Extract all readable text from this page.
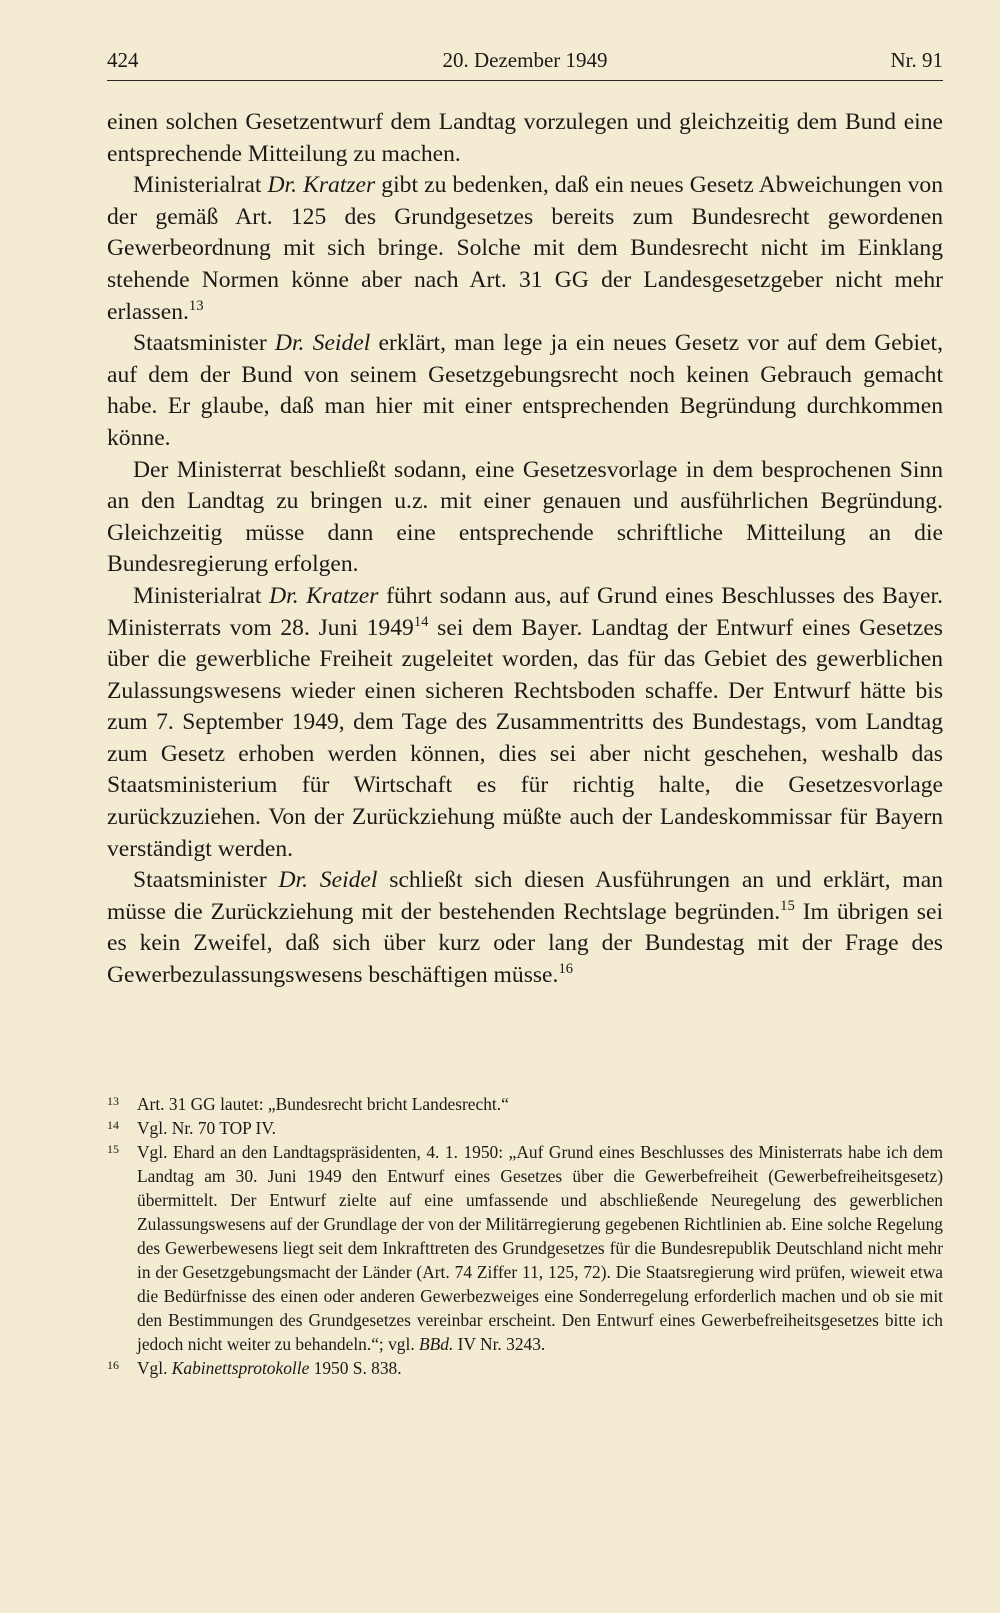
424	20. Dezember 1949	Nr. 91

einen solchen Gesetzentwurf dem Landtag vorzulegen und gleichzeitig dem Bund eine entsprechende Mitteilung zu machen.

Ministerialrat Dr. Kratzer gibt zu bedenken, daß ein neues Gesetz Abweichungen von der gemäß Art. 125 des Grundgesetzes bereits zum Bundesrecht gewordenen Gewerbeordnung mit sich bringe. Solche mit dem Bundesrecht nicht im Einklang stehende Normen könne aber nach Art. 31 GG der Landesgesetzgeber nicht mehr erlassen.$^{13}$

Staatsminister Dr. Seidel erklärt, man lege ja ein neues Gesetz vor auf dem Gebiet, auf dem der Bund von seinem Gesetzgebungsrecht noch keinen Gebrauch gemacht habe. Er glaube, daß man hier mit einer entsprechenden Begründung durchkommen könne.

Der Ministerrat beschließt sodann, eine Gesetzesvorlage in dem besprochenen Sinn an den Landtag zu bringen u.z. mit einer genauen und ausführlichen Begründung. Gleichzeitig müsse dann eine entsprechende schriftliche Mitteilung an die Bundesregierung erfolgen.

Ministerialrat Dr. Kratzer führt sodann aus, auf Grund eines Beschlusses des Bayer. Ministerrats vom 28. Juni 1949$^{14}$ sei dem Bayer. Landtag der Entwurf eines Gesetzes über die gewerbliche Freiheit zugeleitet worden, das für das Gebiet des gewerblichen Zulassungswesens wieder einen sicheren Rechtsboden schaffe. Der Entwurf hätte bis zum 7. September 1949, dem Tage des Zusammentritts des Bundestags, vom Landtag zum Gesetz erhoben werden können, dies sei aber nicht geschehen, weshalb das Staatsministerium für Wirtschaft es für richtig halte, die Gesetzesvorlage zurückzuziehen. Von der Zurückziehung müßte auch der Landeskommissar für Bayern verständigt werden.

Staatsminister Dr. Seidel schließt sich diesen Ausführungen an und erklärt, man müsse die Zurückziehung mit der bestehenden Rechtslage begründen.$^{15}$ Im übrigen sei es kein Zweifel, daß sich über kurz oder lang der Bundestag mit der Frage des Gewerbezulassungswesens beschäftigen müsse.$^{16}$

13 Art. 31 GG lautet: „Bundesrecht bricht Landesrecht.“

14 Vgl. Nr. 70 TOP IV.

15 Vgl. Ehard an den Landtagspräsidenten, 4. 1. 1950: „Auf Grund eines Beschlusses des Ministerrats habe ich dem Landtag am 30. Juni 1949 den Entwurf eines Gesetzes über die Gewerbefreiheit (Gewerbefreiheitsgesetz) übermittelt. Der Entwurf zielte auf eine umfassende und abschließende Neuregelung des gewerblichen Zulassungswesens auf der Grundlage der von der Militärregierung gegebenen Richtlinien ab. Eine solche Regelung des Gewerbewesens liegt seit dem Inkrafttreten des Grundgesetzes für die Bundesrepublik Deutschland nicht mehr in der Gesetzgebungsmacht der Länder (Art. 74 Ziffer 11, 125, 72). Die Staatsregierung wird prüfen, wieweit etwa die Bedürfnisse des einen oder anderen Gewerbezweiges eine Sonderregelung erforderlich machen und ob sie mit den Bestimmungen des Grundgesetzes vereinbar erscheint. Den Entwurf eines Gewerbefreiheitsgesetzes bitte ich jedoch nicht weiter zu behandeln.“; vgl. BBd. IV Nr. 3243.

16 Vgl. Kabinettsprotokolle 1950 S. 838.
